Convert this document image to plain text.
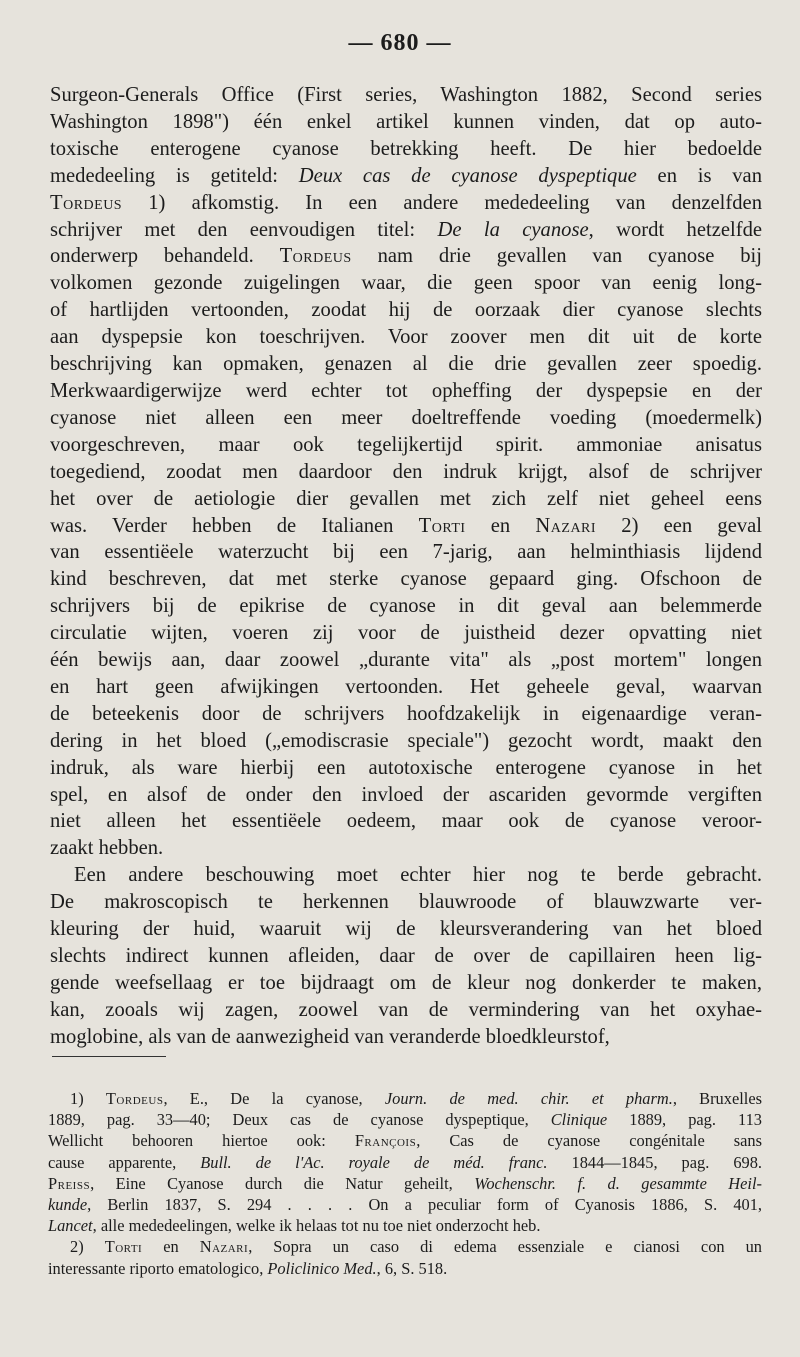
— 680 —
Surgeon-Generals Office (First series, Washington 1882, Second series
Washington 1898") één enkel artikel kunnen vinden, dat op auto-
toxische enterogene cyanose betrekking heeft. De hier bedoelde
mededeeling is getiteld: Deux cas de cyanose dyspeptique en is van
Tordeus 1) afkomstig. In een andere mededeeling van denzelfden
schrijver met den eenvoudigen titel: De la cyanose, wordt hetzelfde
onderwerp behandeld. Tordeus nam drie gevallen van cyanose bij
volkomen gezonde zuigelingen waar, die geen spoor van eenig long-
of hartlijden vertoonden, zoodat hij de oorzaak dier cyanose slechts
aan dyspepsie kon toeschrijven. Voor zoover men dit uit de korte
beschrijving kan opmaken, genazen al die drie gevallen zeer spoedig.
Merkwaardigerwijze werd echter tot opheffing der dyspepsie en der
cyanose niet alleen een meer doeltreffende voeding (moedermelk)
voorgeschreven, maar ook tegelijkertijd spirit. ammoniae anisatus
toegediend, zoodat men daardoor den indruk krijgt, alsof de schrijver
het over de aetiologie dier gevallen met zich zelf niet geheel eens
was. Verder hebben de Italianen Torti en Nazari 2) een geval
van essentiëele waterzucht bij een 7-jarig, aan helminthiasis lijdend
kind beschreven, dat met sterke cyanose gepaard ging. Ofschoon de
schrijvers bij de epikrise de cyanose in dit geval aan belemmerde
circulatie wijten, voeren zij voor de juistheid dezer opvatting niet
één bewijs aan, daar zoowel „durante vita" als „post mortem" longen
en hart geen afwijkingen vertoonden. Het geheele geval, waarvan
de beteekenis door de schrijvers hoofdzakelijk in eigenaardige veran-
dering in het bloed („emodiscrasie speciale") gezocht wordt, maakt den
indruk, als ware hierbij een autotoxische enterogene cyanose in het
spel, en alsof de onder den invloed der ascariden gevormde vergiften
niet alleen het essentiëele oedeem, maar ook de cyanose veroor-
zaakt hebben.
Een andere beschouwing moet echter hier nog te berde gebracht.
De makroscopisch te herkennen blauwroode of blauwzwarte ver-
kleuring der huid, waaruit wij de kleursverandering van het bloed
slechts indirect kunnen afleiden, daar de over de capillairen heen lig-
gende weefsellaag er toe bijdraagt om de kleur nog donkerder te maken,
kan, zooals wij zagen, zoowel van de vermindering van het oxyhae-
moglobine, als van de aanwezigheid van veranderde bloedkleurstof,
1) Tordeus, E., De la cyanose, Journ. de med. chir. et pharm., Bruxelles
1889, pag. 33—40; Deux cas de cyanose dyspeptique, Clinique 1889, pag. 113
Wellicht behooren hiertoe ook: François, Cas de cyanose congénitale sans
cause apparente, Bull. de l'Ac. royale de méd. franc. 1844—1845, pag. 698.
Preiss, Eine Cyanose durch die Natur geheilt, Wochenschr. f. d. gesammte Heil-
kunde, Berlin 1837, S. 294 . . . . On a peculiar form of Cyanosis 1886, S. 401,
Lancet, alle mededeelingen, welke ik helaas tot nu toe niet onderzocht heb.
2) Torti en Nazari, Sopra un caso di edema essenziale e cianosi con un
interessante riporto ematologico, Policlinico Med., 6, S. 518.
